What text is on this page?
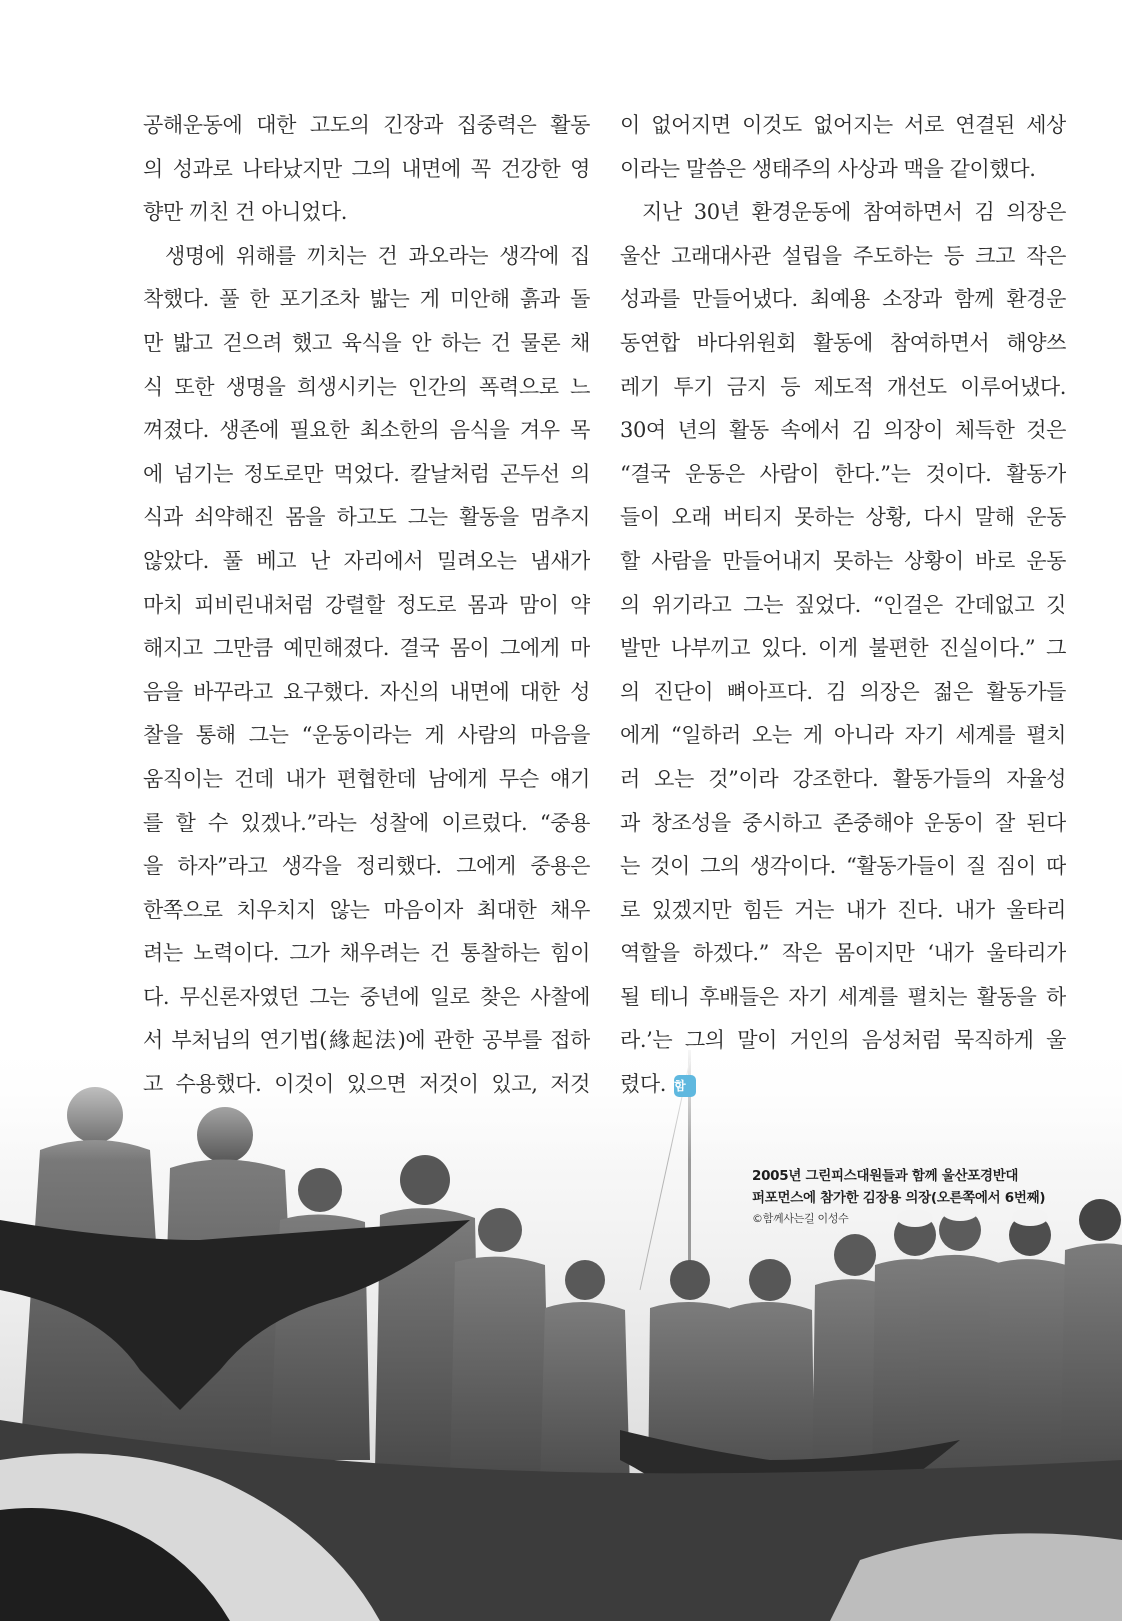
공해운동에 대한 고도의 긴장과 집중력은 활동
의 성과로 나타났지만 그의 내면에 꼭 건강한 영
향만 끼친 건 아니었다.
생명에 위해를 끼치는 건 과오라는 생각에 집
착했다. 풀 한 포기조차 밟는 게 미안해 흙과 돌
만 밟고 걷으려 했고 육식을 안 하는 건 물론 채
식 또한 생명을 희생시키는 인간의 폭력으로 느
껴졌다. 생존에 필요한 최소한의 음식을 겨우 목
에 넘기는 정도로만 먹었다. 칼날처럼 곤두선 의
식과 쇠약해진 몸을 하고도 그는 활동을 멈추지
않았다. 풀 베고 난 자리에서 밀려오는 냄새가
마치 피비린내처럼 강렬할 정도로 몸과 맘이 약
해지고 그만큼 예민해졌다. 결국 몸이 그에게 마
음을 바꾸라고 요구했다. 자신의 내면에 대한 성
찰을 통해 그는 “운동이라는 게 사람의 마음을
움직이는 건데 내가 편협한데 남에게 무슨 얘기
를 할 수 있겠나.”라는 성찰에 이르렀다. “중용
을 하자”라고 생각을 정리했다. 그에게 중용은
한쪽으로 치우치지 않는 마음이자 최대한 채우
려는 노력이다. 그가 채우려는 건 통찰하는 힘이
다. 무신론자였던 그는 중년에 일로 찾은 사찰에
서 부처님의 연기법(緣起法)에 관한 공부를 접하
고 수용했다. 이것이 있으면 저것이 있고, 저것
이 없어지면 이것도 없어지는 서로 연결된 세상
이라는 말씀은 생태주의 사상과 맥을 같이했다.
지난 30년 환경운동에 참여하면서 김 의장은
울산 고래대사관 설립을 주도하는 등 크고 작은
성과를 만들어냈다. 최예용 소장과 함께 환경운
동연합 바다위원회 활동에 참여하면서 해양쓰
레기 투기 금지 등 제도적 개선도 이루어냈다.
30여 년의 활동 속에서 김 의장이 체득한 것은
“결국 운동은 사람이 한다.”는 것이다. 활동가
들이 오래 버티지 못하는 상황, 다시 말해 운동
할 사람을 만들어내지 못하는 상황이 바로 운동
의 위기라고 그는 짚었다. “인걸은 간데없고 깃
발만 나부끼고 있다. 이게 불편한 진실이다.” 그
의 진단이 뼈아프다. 김 의장은 젊은 활동가들
에게 “일하러 오는 게 아니라 자기 세계를 펼치
러 오는 것”이라 강조한다. 활동가들의 자율성
과 창조성을 중시하고 존중해야 운동이 잘 된다
는 것이 그의 생각이다. “활동가들이 질 짐이 따
로 있겠지만 힘든 거는 내가 진다. 내가 울타리
역할을 하겠다.” 작은 몸이지만 ‘내가 울타리가
될 테니 후배들은 자기 세계를 펼치는 활동을 하
라.’는 그의 말이 거인의 음성처럼 묵직하게 울
렸다. 함
2005년 그린피스대원들과 함께 울산포경반대
퍼포먼스에 참가한 김장용 의장(오른쪽에서 6번째)
©함께사는길 이성수
